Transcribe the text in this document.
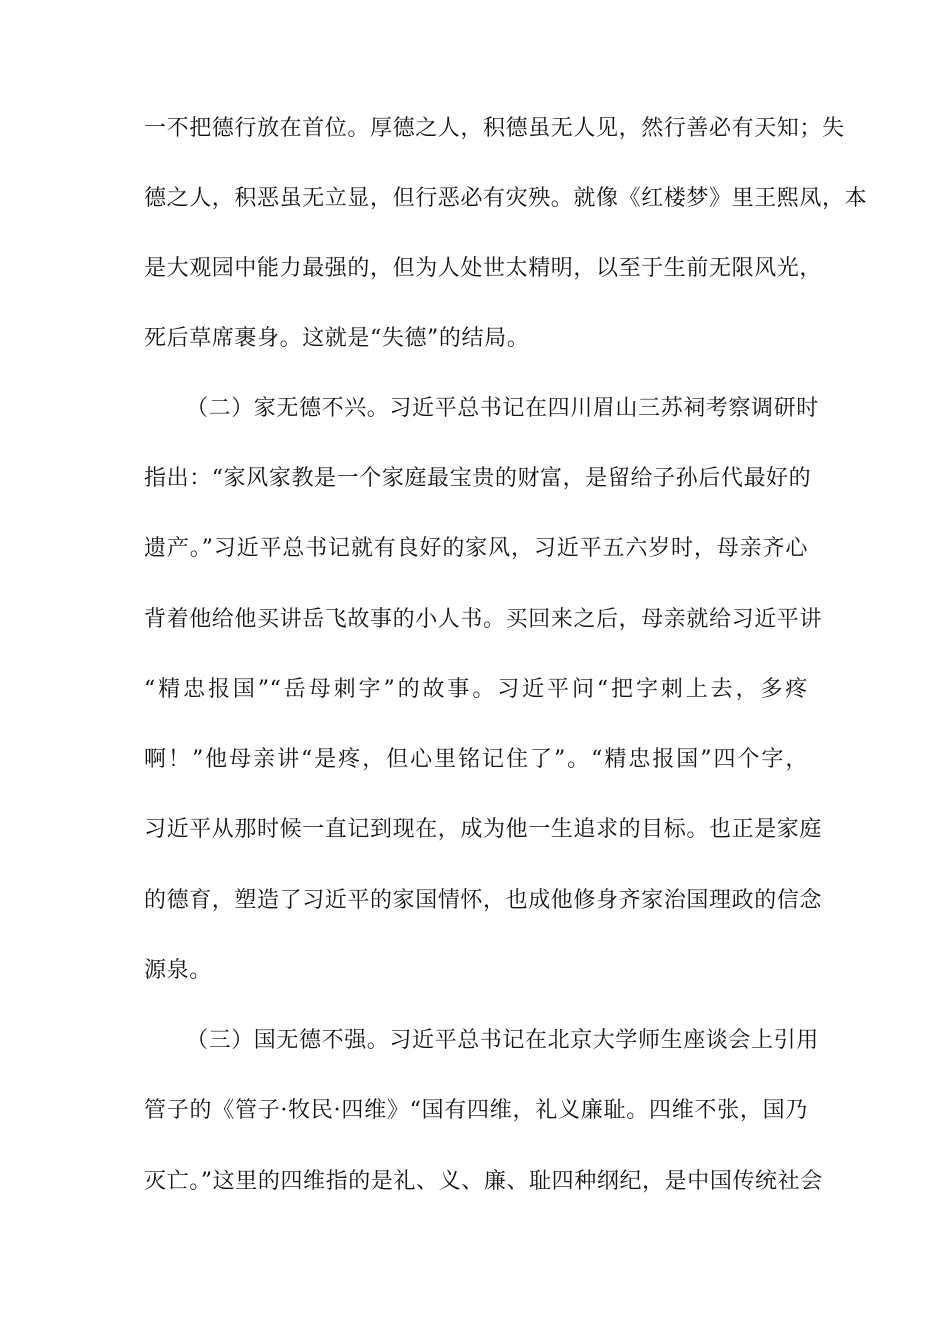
一不把德行放在首位。厚德之人，积德虽无人见，然行善必有天知；失
德之人，积恶虽无立显，但行恶必有灾殃。就像《红楼梦》里王熙凤，本
是大观园中能力最强的，但为人处世太精明，以至于生前无限风光，
死后草席裹身。这就是“失德”的结局。
（二）家无德不兴。习近平总书记在四川眉山三苏祠考察调研时
指出：“家风家教是一个家庭最宝贵的财富，是留给子孙后代最好的
遗产。”习近平总书记就有良好的家风，习近平五六岁时，母亲齐心
背着他给他买讲岳飞故事的小人书。买回来之后，母亲就给习近平讲
“精忠报国”“岳母刺字”的故事。习近平问“把字刺上去，多疼
啊！”他母亲讲“是疼，但心里铭记住了”。“精忠报国”四个字，
习近平从那时候一直记到现在，成为他一生追求的目标。也正是家庭
的德育，塑造了习近平的家国情怀，也成他修身齐家治国理政的信念
源泉。
（三）国无德不强。习近平总书记在北京大学师生座谈会上引用
管子的《管子·牧民·四维》“国有四维，礼义廉耻。四维不张，国乃
灭亡。”这里的四维指的是礼、义、廉、耻四种纲纪，是中国传统社会
